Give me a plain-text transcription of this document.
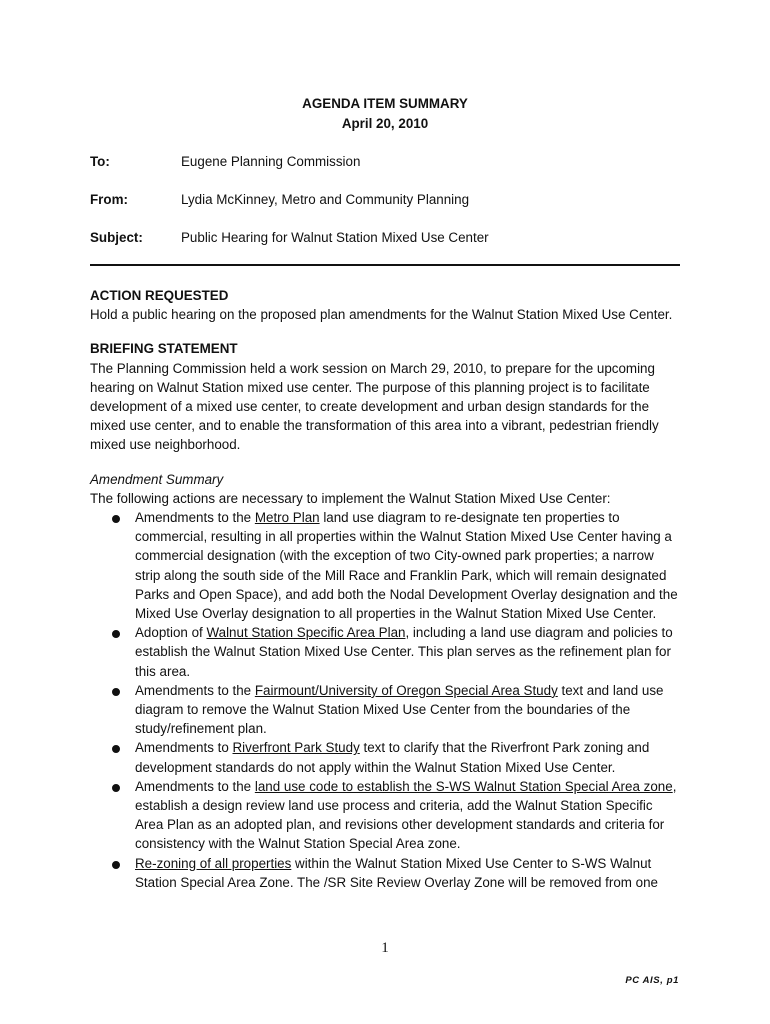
AGENDA ITEM SUMMARY
April 20, 2010
To:	Eugene Planning Commission
From:	Lydia McKinney, Metro and Community Planning
Subject:	Public Hearing for Walnut Station Mixed Use Center

ACTION REQUESTED

Hold a public hearing on the proposed plan amendments for the Walnut Station Mixed Use Center.

BRIEFING STATEMENT

The Planning Commission held a work session on March 29, 2010, to prepare for the upcoming hearing on Walnut Station mixed use center. The purpose of this planning project is to facilitate development of a mixed use center, to create development and urban design standards for the mixed use center, and to enable the transformation of this area into a vibrant, pedestrian friendly mixed use neighborhood.

Amendment Summary

The following actions are necessary to implement the Walnut Station Mixed Use Center:

Amendments to the Metro Plan land use diagram to re-designate ten properties to commercial, resulting in all properties within the Walnut Station Mixed Use Center having a commercial designation (with the exception of two City-owned park properties; a narrow strip along the south side of the Mill Race and Franklin Park, which will remain designated Parks and Open Space), and add both the Nodal Development Overlay designation and the Mixed Use Overlay designation to all properties in the Walnut Station Mixed Use Center.
Adoption of Walnut Station Specific Area Plan, including a land use diagram and policies to establish the Walnut Station Mixed Use Center. This plan serves as the refinement plan for this area.
Amendments to the Fairmount/University of Oregon Special Area Study text and land use diagram to remove the Walnut Station Mixed Use Center from the boundaries of the study/refinement plan.
Amendments to Riverfront Park Study text to clarify that the Riverfront Park zoning and development standards do not apply within the Walnut Station Mixed Use Center.
Amendments to the land use code to establish the S-WS Walnut Station Special Area zone, establish a design review land use process and criteria, add the Walnut Station Specific Area Plan as an adopted plan, and revisions other development standards and criteria for consistency with the Walnut Station Special Area zone.
Re-zoning of all properties within the Walnut Station Mixed Use Center to S-WS Walnut Station Special Area Zone. The /SR Site Review Overlay Zone will be removed from one
1
PC AIS, p1
